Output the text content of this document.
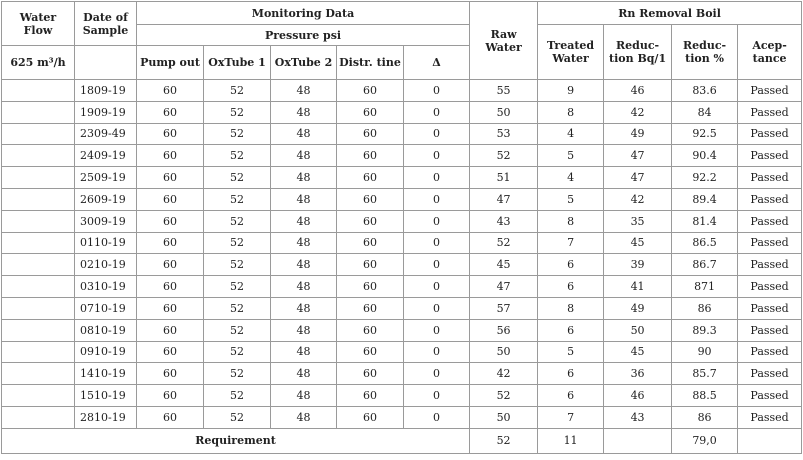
Water Flow	Date of Sample	Monitoring Data					Raw Water	Rn Removal Boil			
		Pressure psi						Treated Water	Reduc- tion Bq/1	Reduc- tion %	Acep- tance
625 m³/h		Pump out	OxTube 1	OxTube 2	Distr. tine	Δ					
	1809-19	60	52	48	60	0	55	9	46	83.6	Passed
	1909-19	60	52	48	60	0	50	8	42	84	Passed
	2309-49	60	52	48	60	0	53	4	49	92.5	Passed
	2409-19	60	52	48	60	0	52	5	47	90.4	Passed
	2509-19	60	52	48	60	0	51	4	47	92.2	Passed
	2609-19	60	52	48	60	0	47	5	42	89.4	Passed
	3009-19	60	52	48	60	0	43	8	35	81.4	Passed
	0110-19	60	52	48	60	0	52	7	45	86.5	Passed
	0210-19	60	52	48	60	0	45	6	39	86.7	Passed
	0310-19	60	52	48	60	0	47	6	41	871	Passed
	0710-19	60	52	48	60	0	57	8	49	86	Passed
	0810-19	60	52	48	60	0	56	6	50	89.3	Passed
	0910-19	60	52	48	60	0	50	5	45	90	Passed
	1410-19	60	52	48	60	0	42	6	36	85.7	Passed
	1510-19	60	52	48	60	0	52	6	46	88.5	Passed
	2810-19	60	52	48	60	0	50	7	43	86	Passed
Requirement							52	11		79,0	
